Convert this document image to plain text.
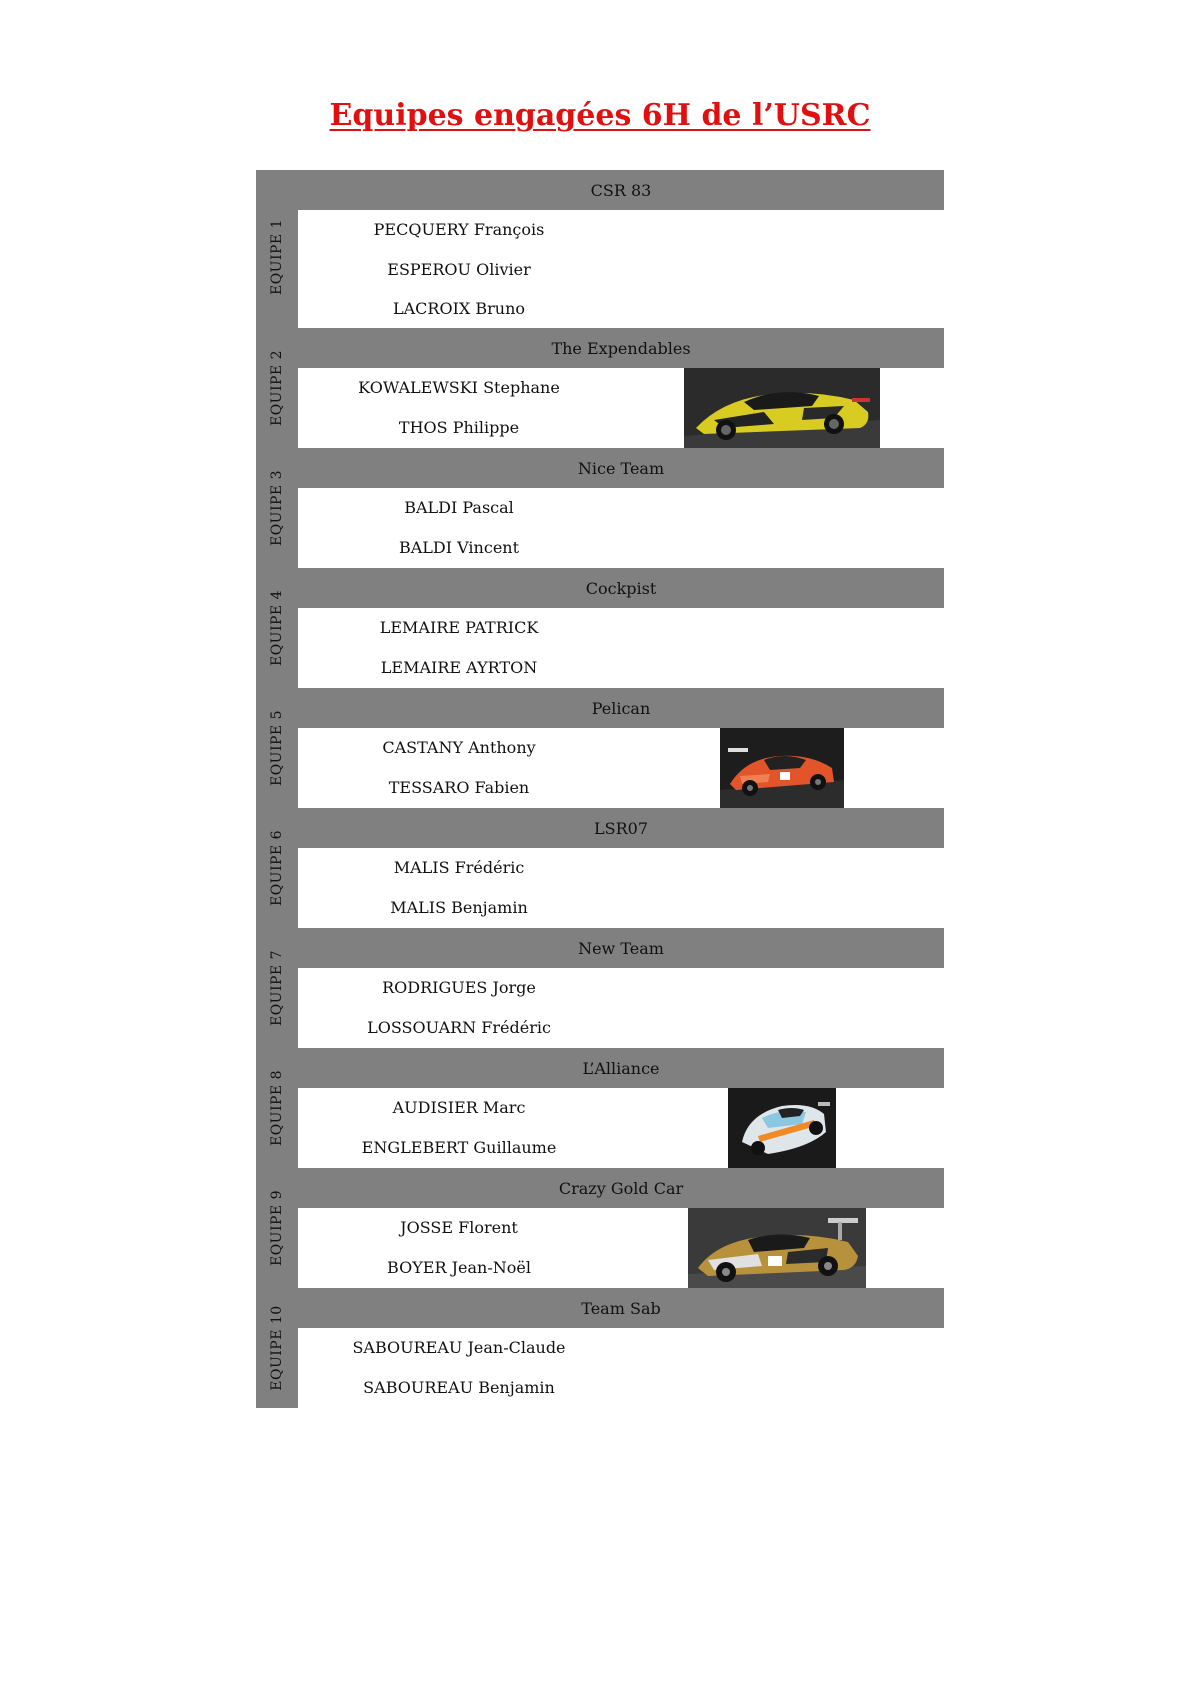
Equipes engagées 6H de l’USRC
EQUIPE 1
CSR 83
PECQUERY François
ESPEROU Olivier
LACROIX Bruno
EQUIPE 2
The Expendables
KOWALEWSKI Stephane
THOS Philippe
EQUIPE 3
Nice Team
BALDI Pascal
BALDI Vincent
EQUIPE 4
Cockpist
LEMAIRE PATRICK
LEMAIRE AYRTON
EQUIPE 5
Pelican
CASTANY Anthony
TESSARO Fabien
EQUIPE 6
LSR07
MALIS Frédéric
MALIS Benjamin
EQUIPE 7
New Team
RODRIGUES Jorge
LOSSOUARN Frédéric
EQUIPE 8
L’Alliance
AUDISIER Marc
ENGLEBERT Guillaume
EQUIPE 9
Crazy Gold Car
JOSSE Florent
BOYER Jean-Noël
EQUIPE 10	Team Sab
SABOUREAU Jean-Claude
SABOUREAU Benjamin
